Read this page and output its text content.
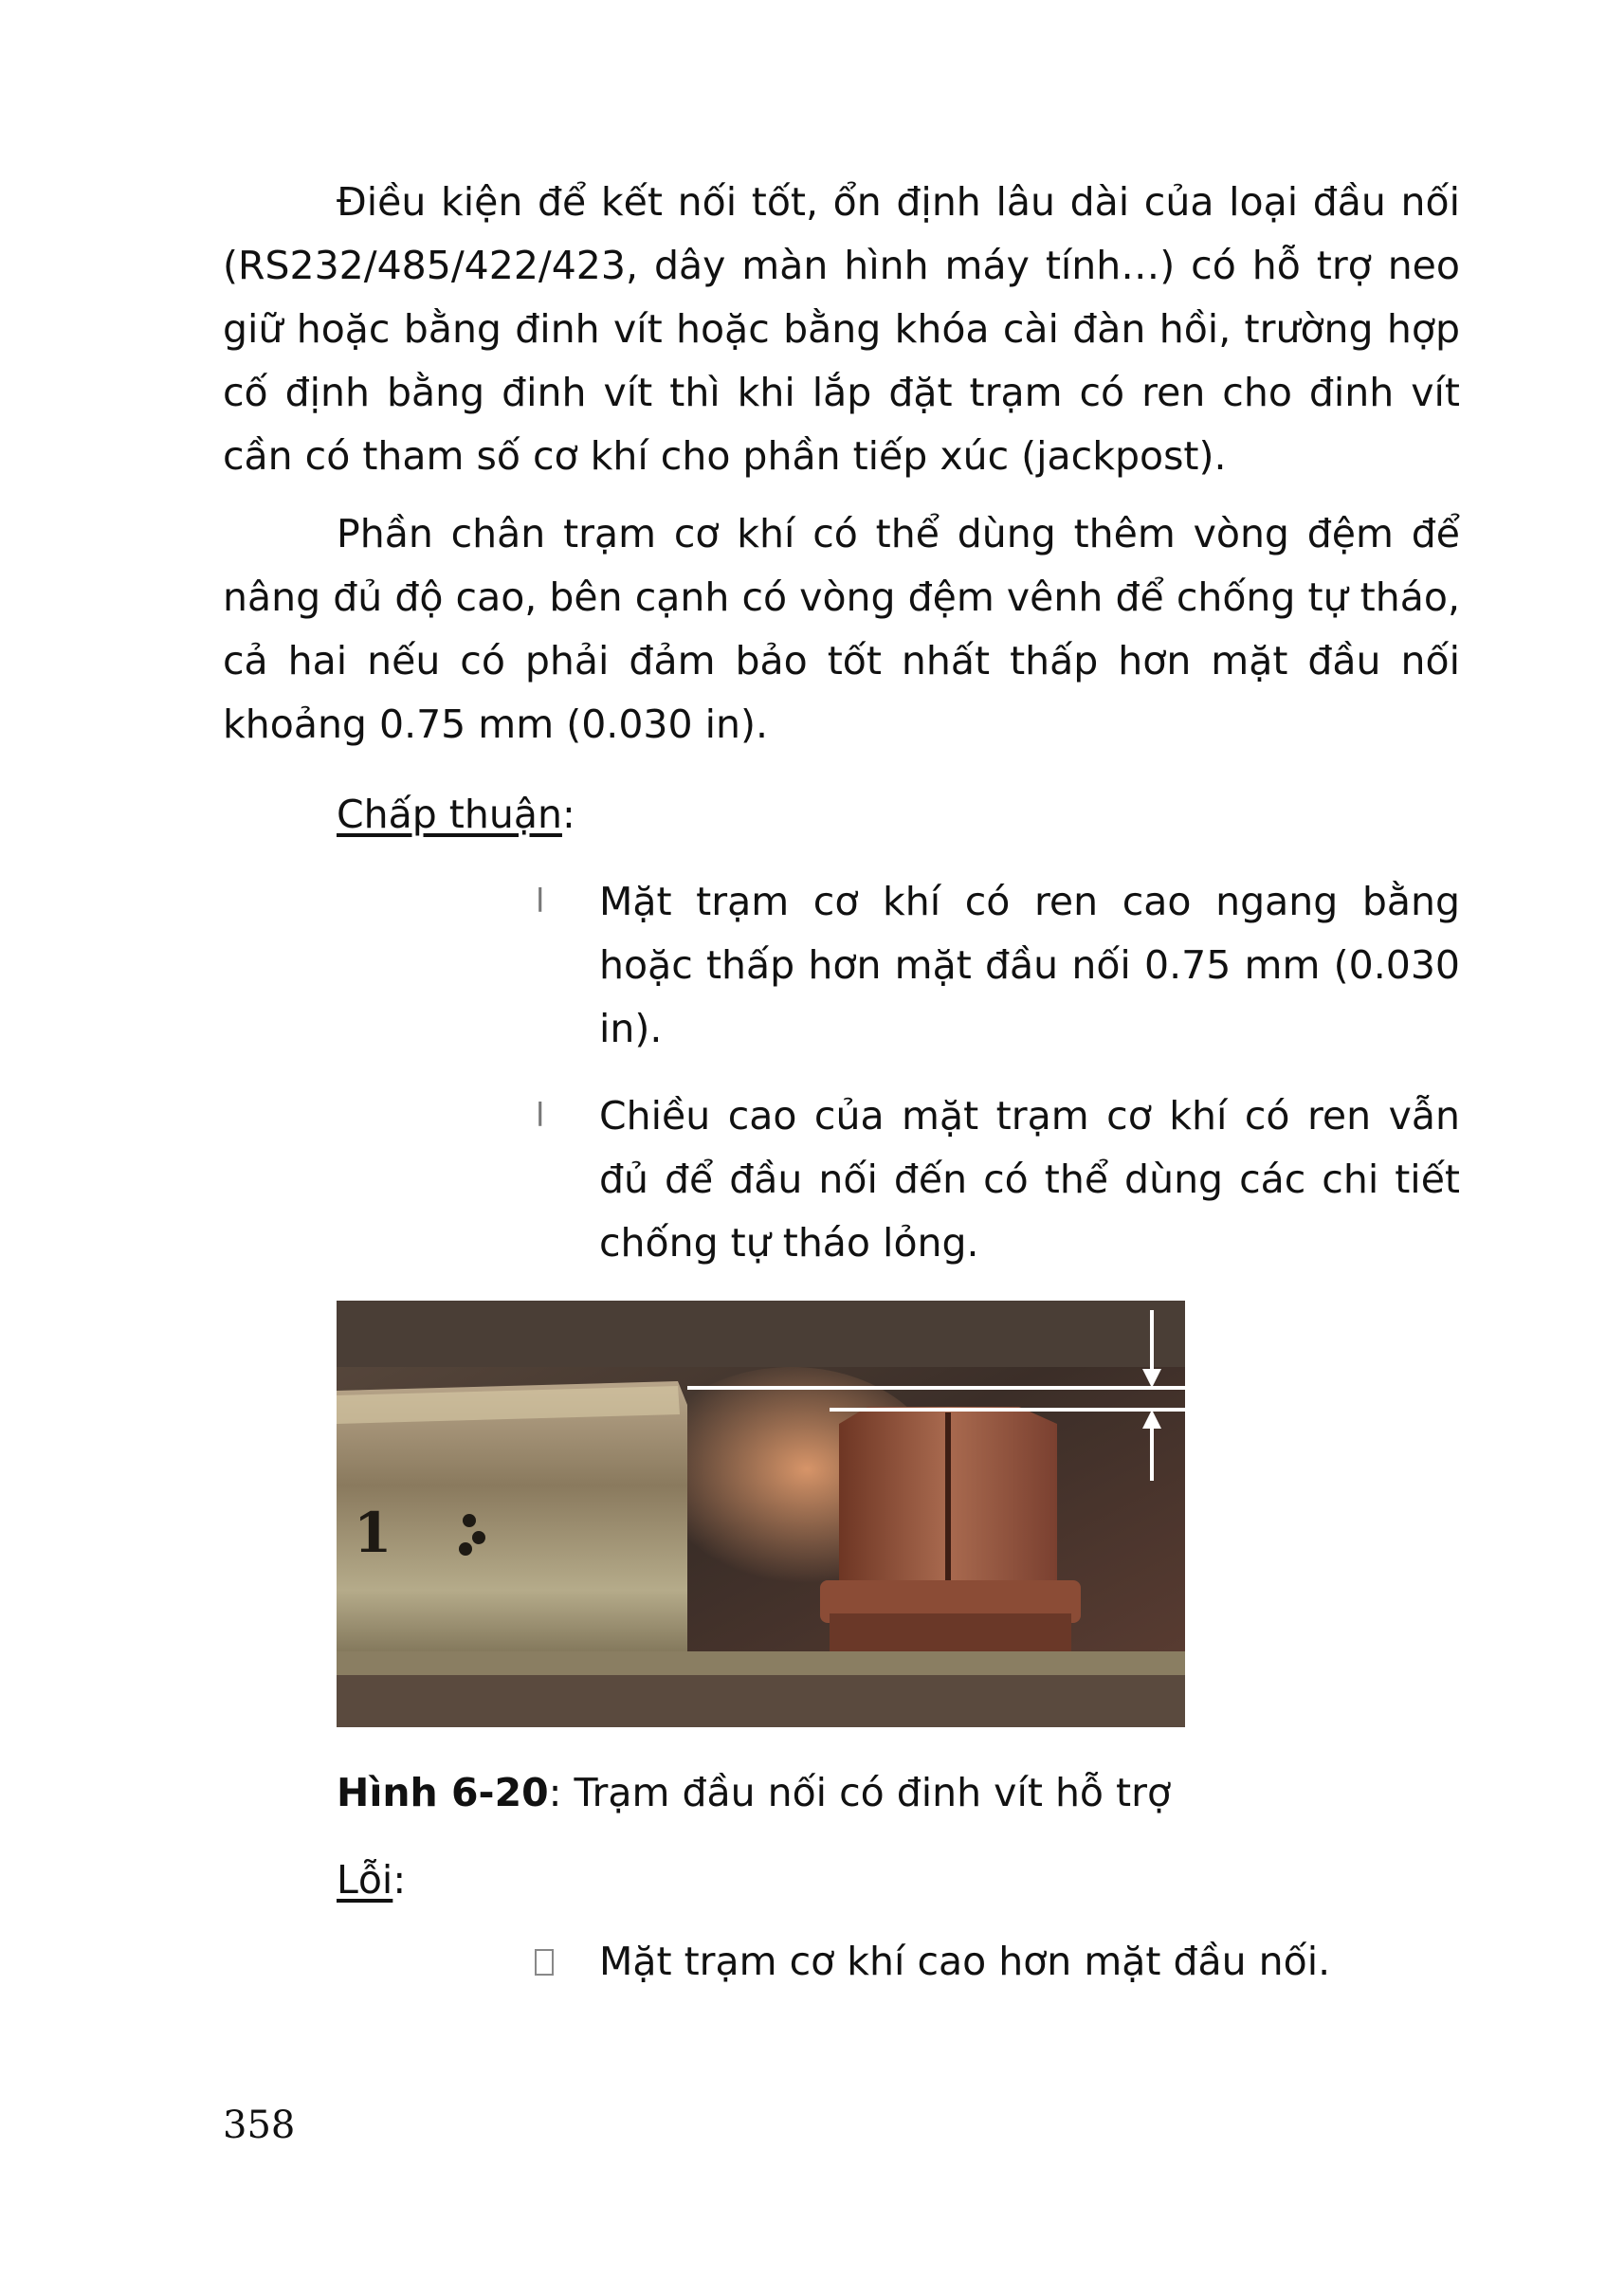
Điều kiện để kết nối tốt, ổn định lâu dài của loại đầu nối (RS232/485/422/423, dây màn hình máy tính…) có hỗ trợ neo giữ hoặc bằng đinh vít hoặc bằng khóa cài đàn hồi, trường hợp cố định bằng đinh vít thì khi lắp đặt trạm có ren cho đinh vít cần có tham số cơ khí cho phần tiếp xúc (jackpost).

Phần chân trạm cơ khí có thể dùng thêm vòng đệm để nâng đủ độ cao, bên cạnh có vòng đệm vênh để chống tự tháo, cả hai nếu có phải đảm bảo tốt nhất thấp hơn mặt đầu nối khoảng 0.75 mm (0.030 in).

Chấp thuận:

l Mặt trạm cơ khí có ren cao ngang bằng hoặc thấp hơn mặt đầu nối 0.75 mm (0.030 in).

l Chiều cao của mặt trạm cơ khí có ren vẫn đủ để đầu nối đến có thể dùng các chi tiết chống tự tháo lỏng.

1

Hình 6-20: Trạm đầu nối có đinh vít hỗ trợ

Lỗi:

Mặt trạm cơ khí cao hơn mặt đầu nối.

358
